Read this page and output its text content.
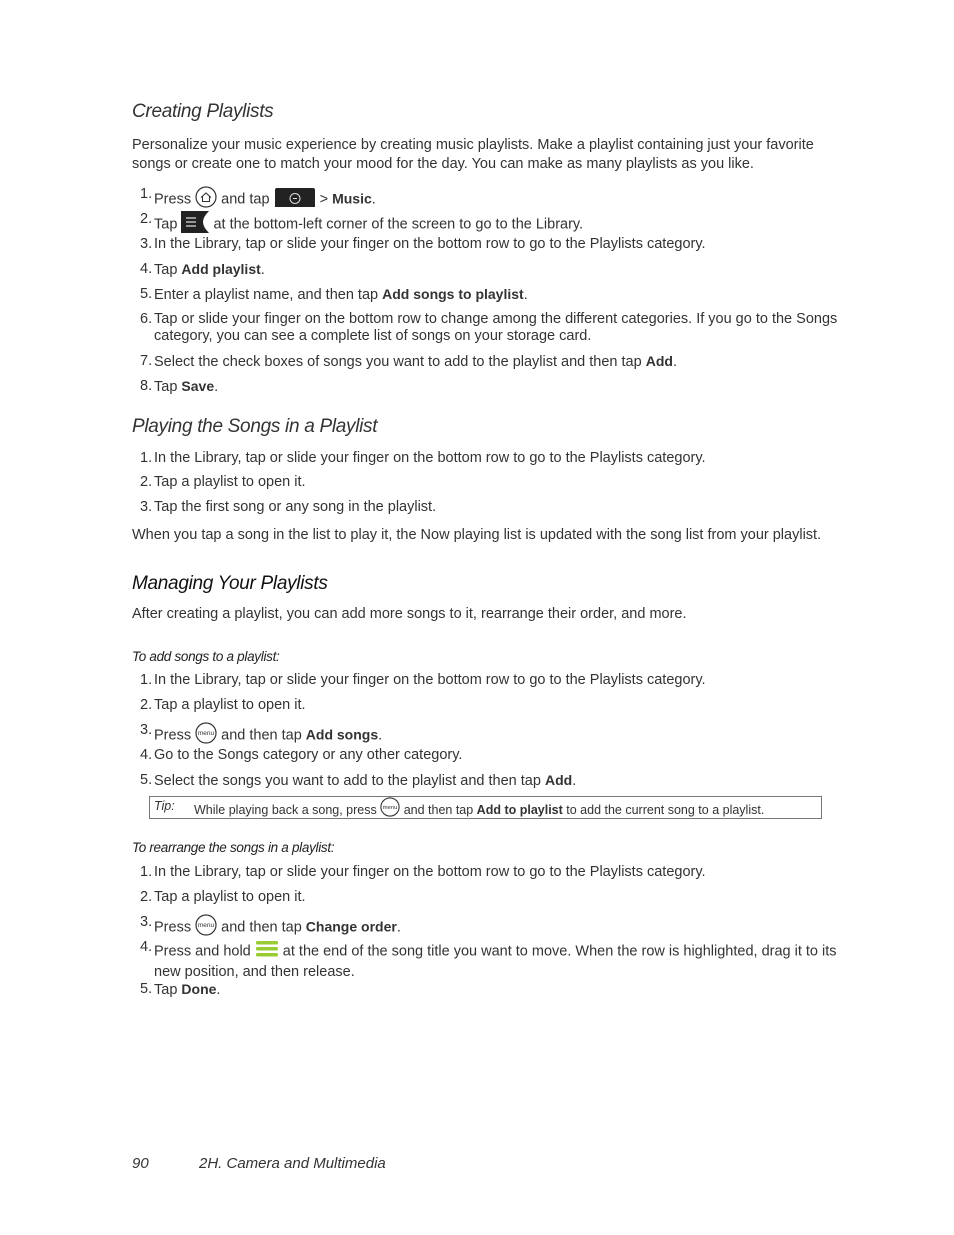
Creating Playlists

Personalize your music experience by creating music playlists. Make a playlist containing just your favorite songs or create one to match your mood for the day. You can make as many playlists as you like.

1. Press and tap	> Music.
2. Tap at the bottom-left corner of the screen to go to the Library.
3. In the Library, tap or slide your finger on the bottom row to go to the Playlists category.
4. Tap Add playlist.
5. Enter a playlist name, and then tap Add songs to playlist.
6. Tap or slide your finger on the bottom row to change among the different categories. If you go to the Songs category, you can see a complete list of songs on your storage card.
7. Select the check boxes of songs you want to add to the playlist and then tap Add.
8. Tap Save.
Playing the Songs in a Playlist
1. In the Library, tap or slide your finger on the bottom row to go to the Playlists category.
2. Tap a playlist to open it.
3. Tap the first song or any song in the playlist.

When you tap a song in the list to play it, the Now playing list is updated with the song list from your playlist.

Managing Your Playlists

After creating a playlist, you can add more songs to it, rearrange their order, and more.

To add songs to a playlist:

1. In the Library, tap or slide your finger on the bottom row to go to the Playlists category.
2. Tap a playlist to open it.
3. Press menu and then tap Add songs.
4. Go to the Songs category or any other category.
5. Select the songs you want to add to the playlist and then tap Add.
Tip: While playing back a song, press menu and then tap Add to playlist to add the current song to a playlist.

To rearrange the songs in a playlist:

1. In the Library, tap or slide your finger on the bottom row to go to the Playlists category.
2. Tap a playlist to open it.
3. Press menu and then tap Change order.
4. Press and hold  at the end of the song title you want to move. When the row is highlighted, drag it to its new position, and then release.
5. Tap Done.
90	2H. Camera and Multimedia
